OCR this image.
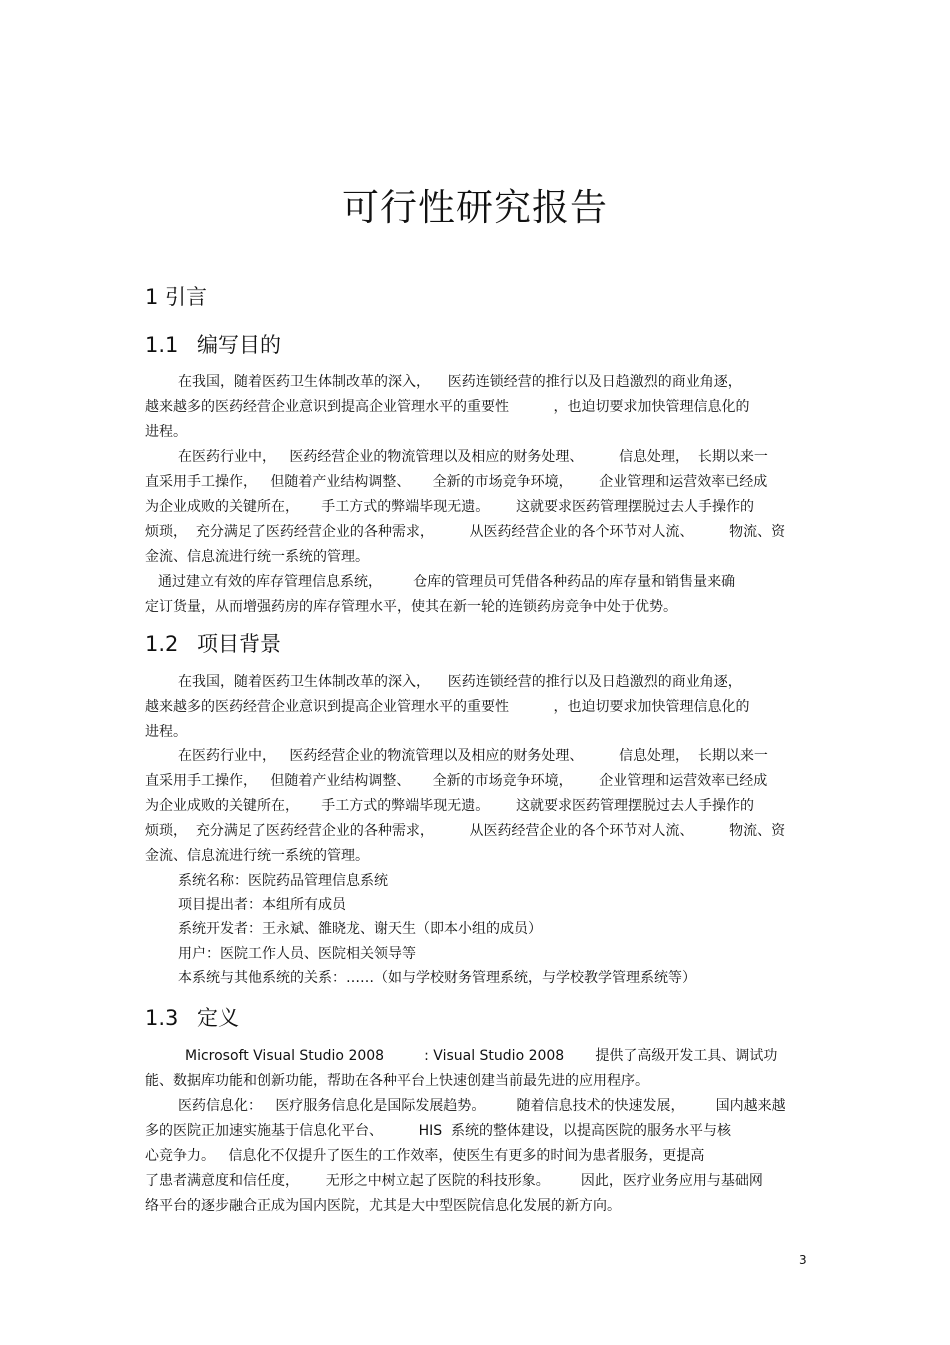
可行性研究报告
1 引言
1.1 编写目的
在我国，随着医药卫生体制改革的深入，    医药连锁经营的推行以及日趋激烈的商业角逐，
越来越多的医药经营企业意识到提高企业管理水平的重要性          ，也迫切要求加快管理信息化的
进程。
在医药行业中，   医药经营企业的物流管理以及相应的财务处理、        信息处理，  长期以来一
直采用手工操作，   但随着产业结构调整、     全新的市场竞争环境，      企业管理和运营效率已经成
为企业成败的关键所在，     手工方式的弊端毕现无遗。      这就要求医药管理摆脱过去人手操作的
烦琐，  充分满足了医药经营企业的各种需求，        从医药经营企业的各个环节对人流、        物流、资
金流、信息流进行统一系统的管理。
通过建立有效的库存管理信息系统，       仓库的管理员可凭借各种药品的库存量和销售量来确
定订货量，从而增强药房的库存管理水平，使其在新一轮的连锁药房竞争中处于优势。
1.2 项目背景
在我国，随着医药卫生体制改革的深入，    医药连锁经营的推行以及日趋激烈的商业角逐，
越来越多的医药经营企业意识到提高企业管理水平的重要性          ，也迫切要求加快管理信息化的
进程。
在医药行业中，   医药经营企业的物流管理以及相应的财务处理、        信息处理，  长期以来一
直采用手工操作，   但随着产业结构调整、     全新的市场竞争环境，      企业管理和运营效率已经成
为企业成败的关键所在，     手工方式的弊端毕现无遗。      这就要求医药管理摆脱过去人手操作的
烦琐，  充分满足了医药经营企业的各种需求，        从医药经营企业的各个环节对人流、        物流、资
金流、信息流进行统一系统的管理。
系统名称：医院药品管理信息系统
项目提出者：本组所有成员
系统开发者：王永斌、雒晓龙、谢天生（即本小组的成员）
用户：医院工作人员、医院相关领导等
本系统与其他系统的关系：……（如与学校财务管理系统，与学校教学管理系统等）
1.3 定义
Microsoft Visual Studio 2008         : Visual Studio 2008       提供了高级开发工具、调试功
能、数据库功能和创新功能，帮助在各种平台上快速创建当前最先进的应用程序。
医药信息化：   医疗服务信息化是国际发展趋势。       随着信息技术的快速发展，       国内越来越
多的医院正加速实施基于信息化平台、        HIS  系统的整体建设，以提高医院的服务水平与核
心竞争力。   信息化不仅提升了医生的工作效率，使医生有更多的时间为患者服务，更提高
了患者满意度和信任度，      无形之中树立起了医院的科技形象。       因此，医疗业务应用与基础网
络平台的逐步融合正成为国内医院，尤其是大中型医院信息化发展的新方向。
3
